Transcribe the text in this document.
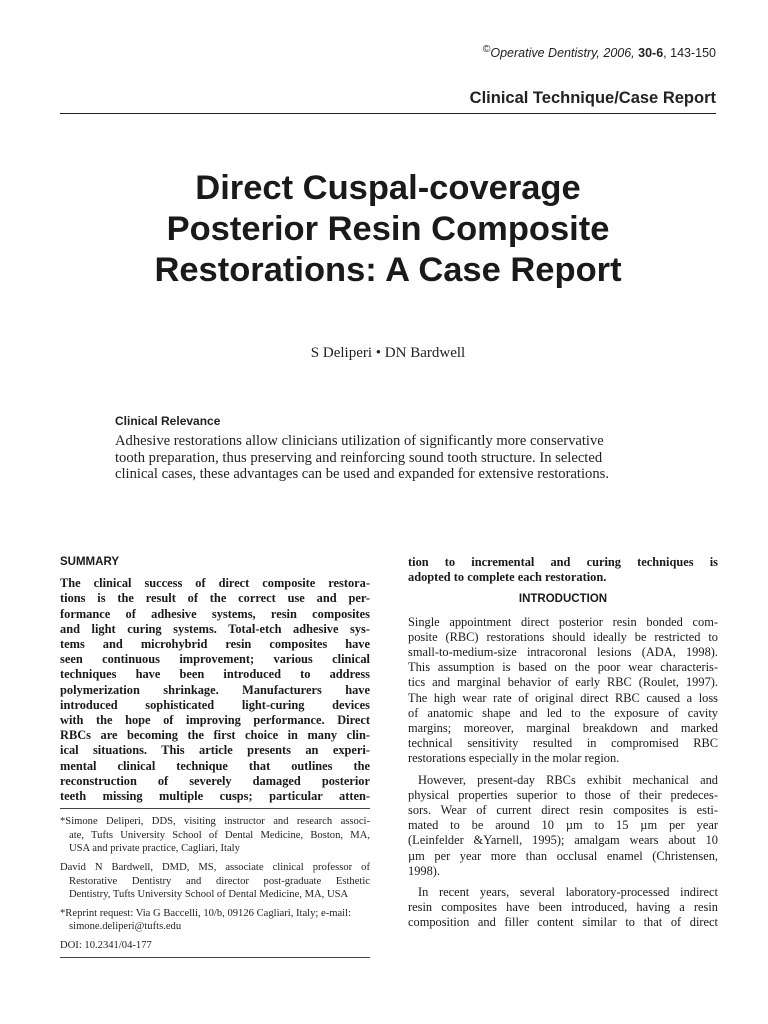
©Operative Dentistry, 2006, 30-6, 143-150
Clinical Technique/Case Report
Direct Cuspal-coverage
Posterior Resin Composite
Restorations: A Case Report
S Deliperi • DN Bardwell
Clinical Relevance
Adhesive restorations allow clinicians utilization of significantly more conservative
tooth preparation, thus preserving and reinforcing sound tooth structure. In selected
clinical cases, these advantages can be used and expanded for extensive restorations.
SUMMARY
The clinical success of direct composite restora-
tions is the result of the correct use and per-
formance of adhesive systems, resin composites
and light curing systems. Total-etch adhesive sys-
tems and microhybrid resin composites have
seen continuous improvement; various clinical
techniques have been introduced to address
polymerization shrinkage. Manufacturers have
introduced sophisticated light-curing devices
with the hope of improving performance. Direct
RBCs are becoming the first choice in many clin-
ical situations. This article presents an experi-
mental clinical technique that outlines the
reconstruction of severely damaged posterior
teeth missing multiple cusps; particular atten-
*Simone Deliperi, DDS, visiting instructor and research associ-
ate, Tufts University School of Dental Medicine, Boston, MA,
USA and private practice, Cagliari, Italy
David N Bardwell, DMD, MS, associate clinical professor of
Restorative Dentistry and director post-graduate Esthetic
Dentistry, Tufts University School of Dental Medicine, MA, USA
*Reprint request: Via G Baccelli, 10/b, 09126 Cagliari, Italy; e-mail:
simone.deliperi@tufts.edu
DOI: 10.2341/04-177
tion to incremental and curing techniques is
adopted to complete each restoration.
INTRODUCTION
Single appointment direct posterior resin bonded com-
posite (RBC) restorations should ideally be restricted to
small-to-medium-size intracoronal lesions (ADA, 1998).
This assumption is based on the poor wear characteris-
tics and marginal behavior of early RBC (Roulet, 1997).
The high wear rate of original direct RBC caused a loss
of anatomic shape and led to the exposure of cavity
margins; moreover, marginal breakdown and marked
technical sensitivity resulted in compromised RBC
restorations especially in the molar region.
However, present-day RBCs exhibit mechanical and
physical properties superior to those of their predeces-
sors. Wear of current direct resin composites is esti-
mated to be around 10 µm to 15 µm per year
(Leinfelder &Yarnell, 1995); amalgam wears about 10
µm per year more than occlusal enamel (Christensen,
1998).
In recent years, several laboratory-processed indirect
resin composites have been introduced, having a resin
composition and filler content similar to that of direct
